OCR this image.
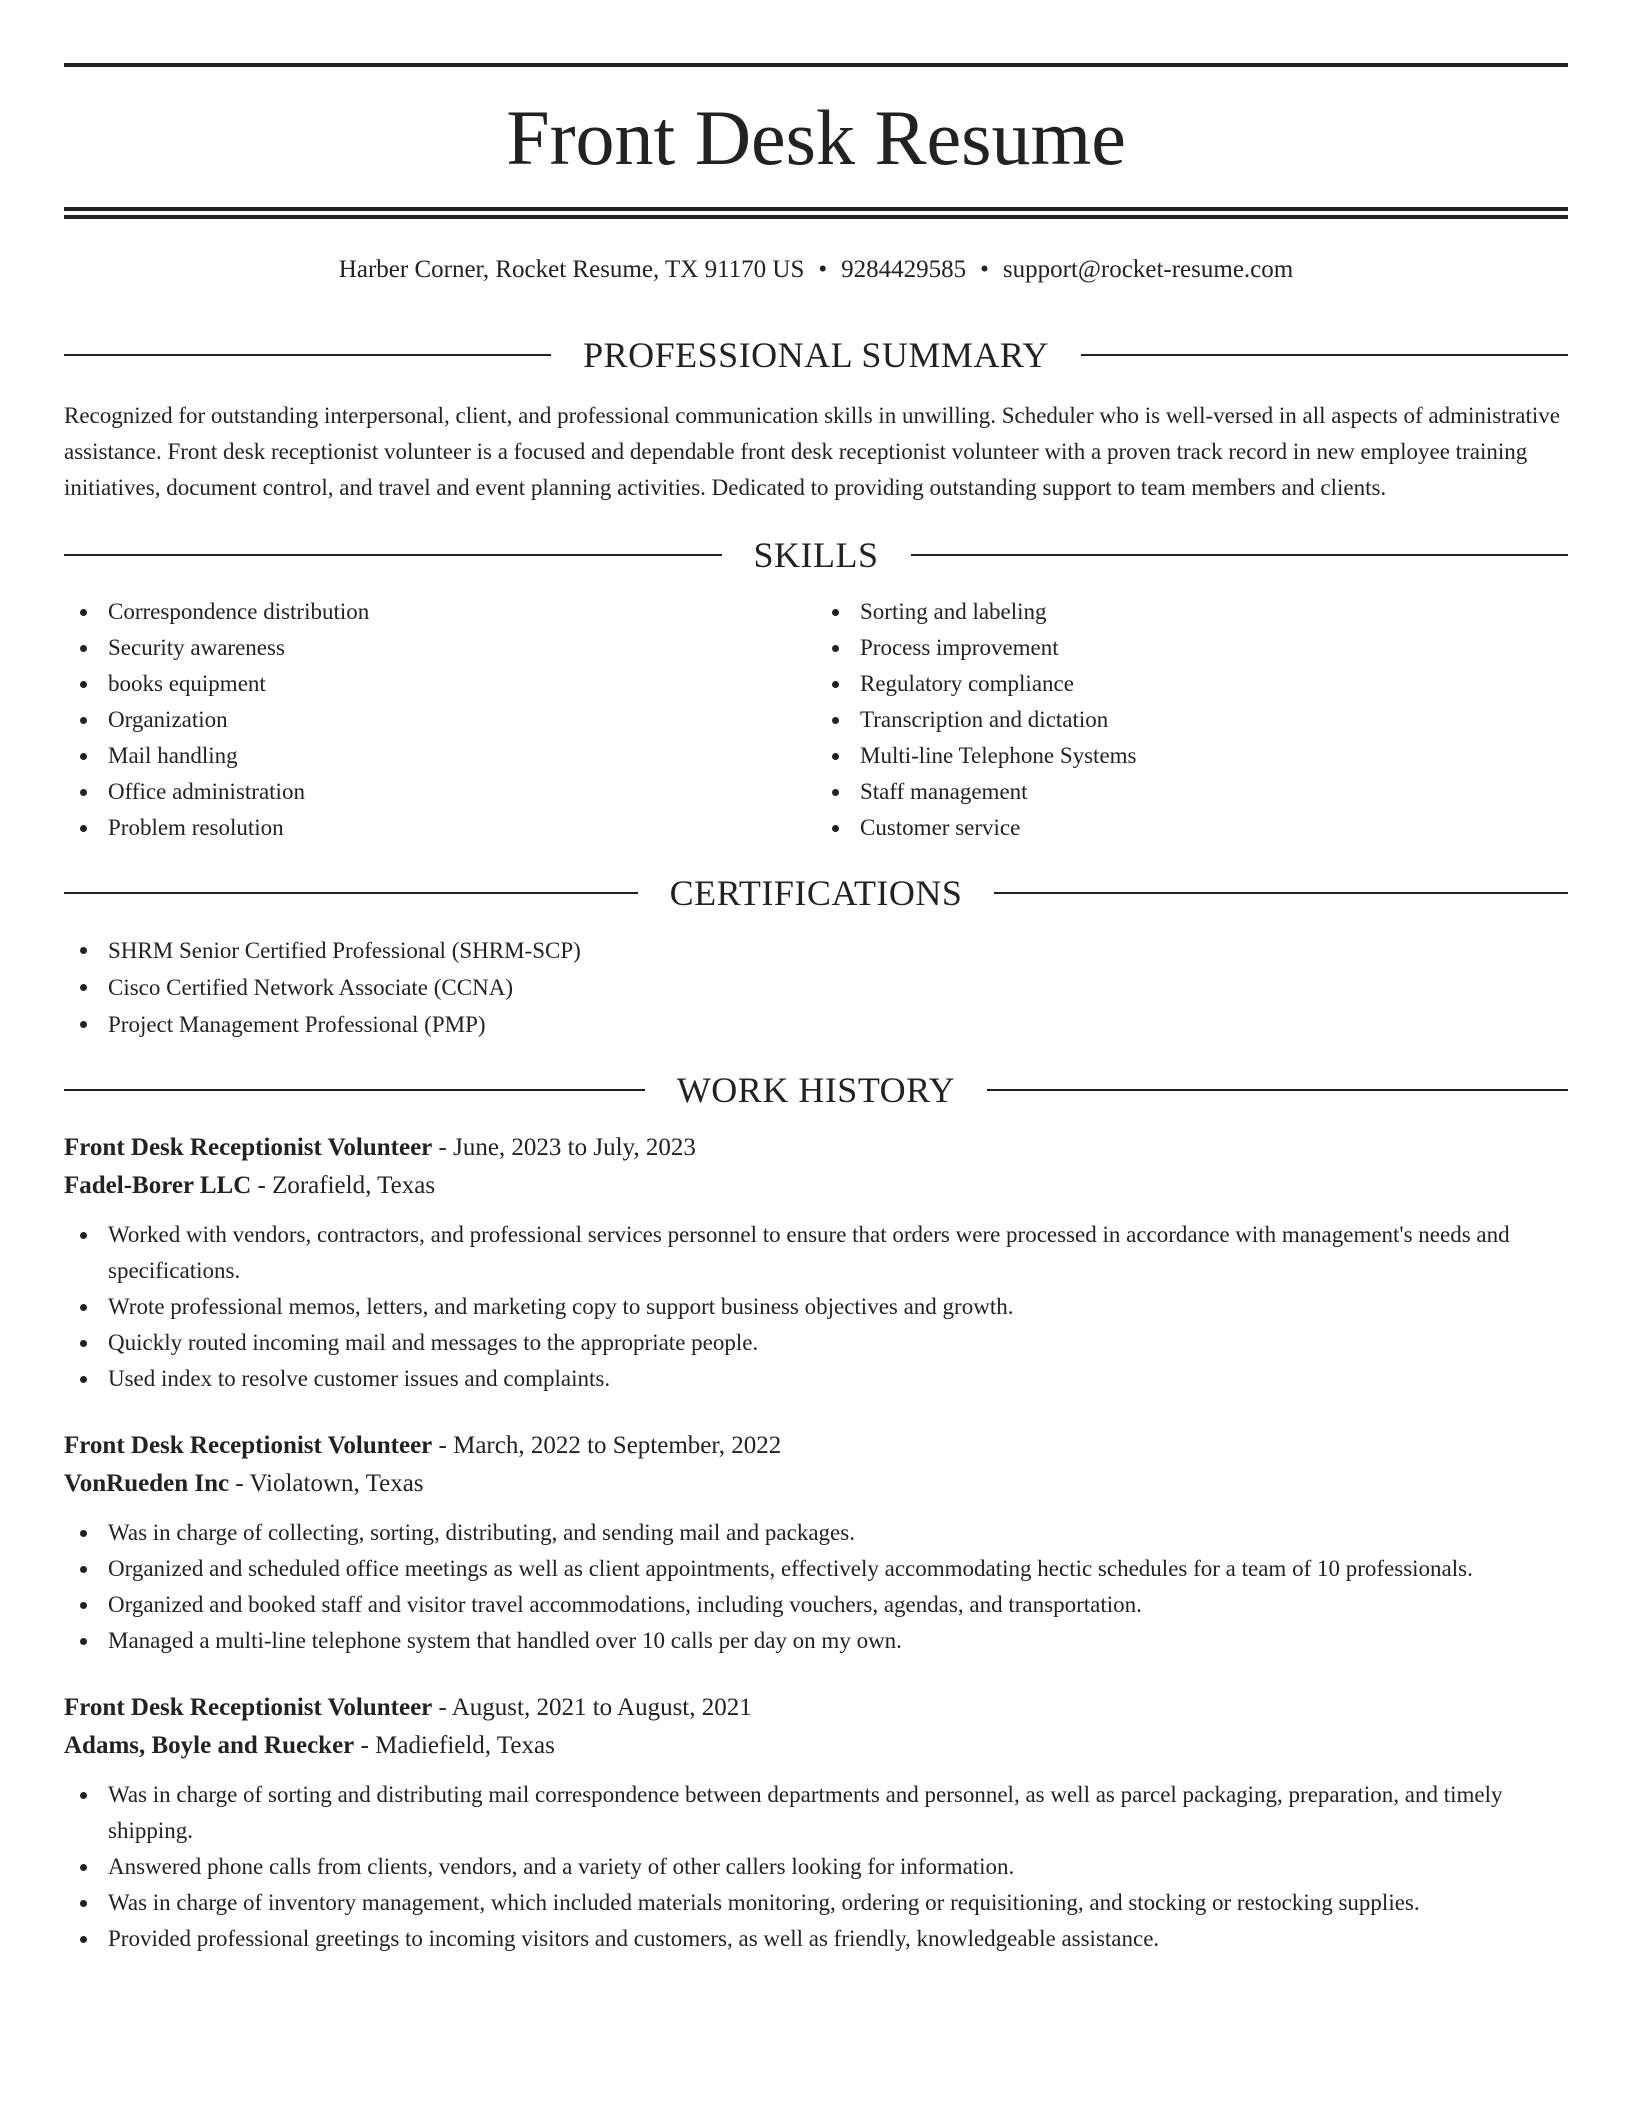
Front Desk Resume
Harber Corner, Rocket Resume, TX 91170 US • 9284429585 • support@rocket-resume.com
PROFESSIONAL SUMMARY

Recognized for outstanding interpersonal, client, and professional communication skills in unwilling. Scheduler who is well-versed in all aspects of administrative assistance. Front desk receptionist volunteer is a focused and dependable front desk receptionist volunteer with a proven track record in new employee training initiatives, document control, and travel and event planning activities. Dedicated to providing outstanding support to team members and clients.

SKILLS
Correspondence distribution
Security awareness
books equipment
Organization
Mail handling
Office administration
Problem resolution
Sorting and labeling
Process improvement
Regulatory compliance
Transcription and dictation
Multi-line Telephone Systems
Staff management
Customer service
CERTIFICATIONS
SHRM Senior Certified Professional (SHRM-SCP)
Cisco Certified Network Associate (CCNA)
Project Management Professional (PMP)
WORK HISTORY
Front Desk Receptionist Volunteer - June, 2023 to July, 2023
Fadel-Borer LLC - Zorafield, Texas
Worked with vendors, contractors, and professional services personnel to ensure that orders were processed in accordance with management's needs and specifications.
Wrote professional memos, letters, and marketing copy to support business objectives and growth.
Quickly routed incoming mail and messages to the appropriate people.
Used index to resolve customer issues and complaints.
Front Desk Receptionist Volunteer - March, 2022 to September, 2022
VonRueden Inc - Violatown, Texas
Was in charge of collecting, sorting, distributing, and sending mail and packages.
Organized and scheduled office meetings as well as client appointments, effectively accommodating hectic schedules for a team of 10 professionals.
Organized and booked staff and visitor travel accommodations, including vouchers, agendas, and transportation.
Managed a multi-line telephone system that handled over 10 calls per day on my own.
Front Desk Receptionist Volunteer - August, 2021 to August, 2021
Adams, Boyle and Ruecker - Madiefield, Texas
Was in charge of sorting and distributing mail correspondence between departments and personnel, as well as parcel packaging, preparation, and timely shipping.
Answered phone calls from clients, vendors, and a variety of other callers looking for information.
Was in charge of inventory management, which included materials monitoring, ordering or requisitioning, and stocking or restocking supplies.
Provided professional greetings to incoming visitors and customers, as well as friendly, knowledgeable assistance.
